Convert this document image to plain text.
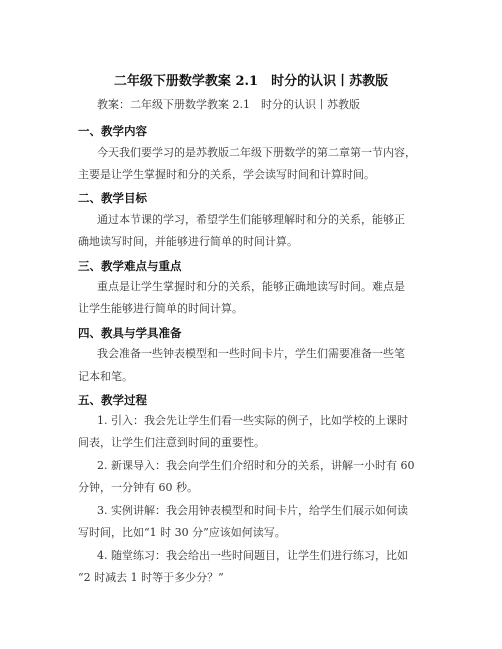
二年级下册数学教案 2.1　时分的认识丨苏教版
教案：二年级下册数学教案 2.1　时分的认识丨苏教版
一、教学内容
今天我们要学习的是苏教版二年级下册数学的第二章第一节内容，
主要是让学生掌握时和分的关系，学会读写时间和计算时间。
二、教学目标
通过本节课的学习，希望学生们能够理解时和分的关系，能够正
确地读写时间，并能够进行简单的时间计算。
三、教学难点与重点
重点是让学生掌握时和分的关系，能够正确地读写时间。难点是
让学生能够进行简单的时间计算。
四、教具与学具准备
我会准备一些钟表模型和一些时间卡片，学生们需要准备一些笔
记本和笔。
五、教学过程
1. 引入：我会先让学生们看一些实际的例子，比如学校的上课时
间表，让学生们注意到时间的重要性。
2. 新课导入：我会向学生们介绍时和分的关系，讲解一小时有 60
分钟，一分钟有 60 秒。
3. 实例讲解：我会用钟表模型和时间卡片，给学生们展示如何读
写时间，比如“1 时 30 分”应该如何读写。
4. 随堂练习：我会给出一些时间题目，让学生们进行练习，比如
“2 时减去 1 时等于多少分？”
